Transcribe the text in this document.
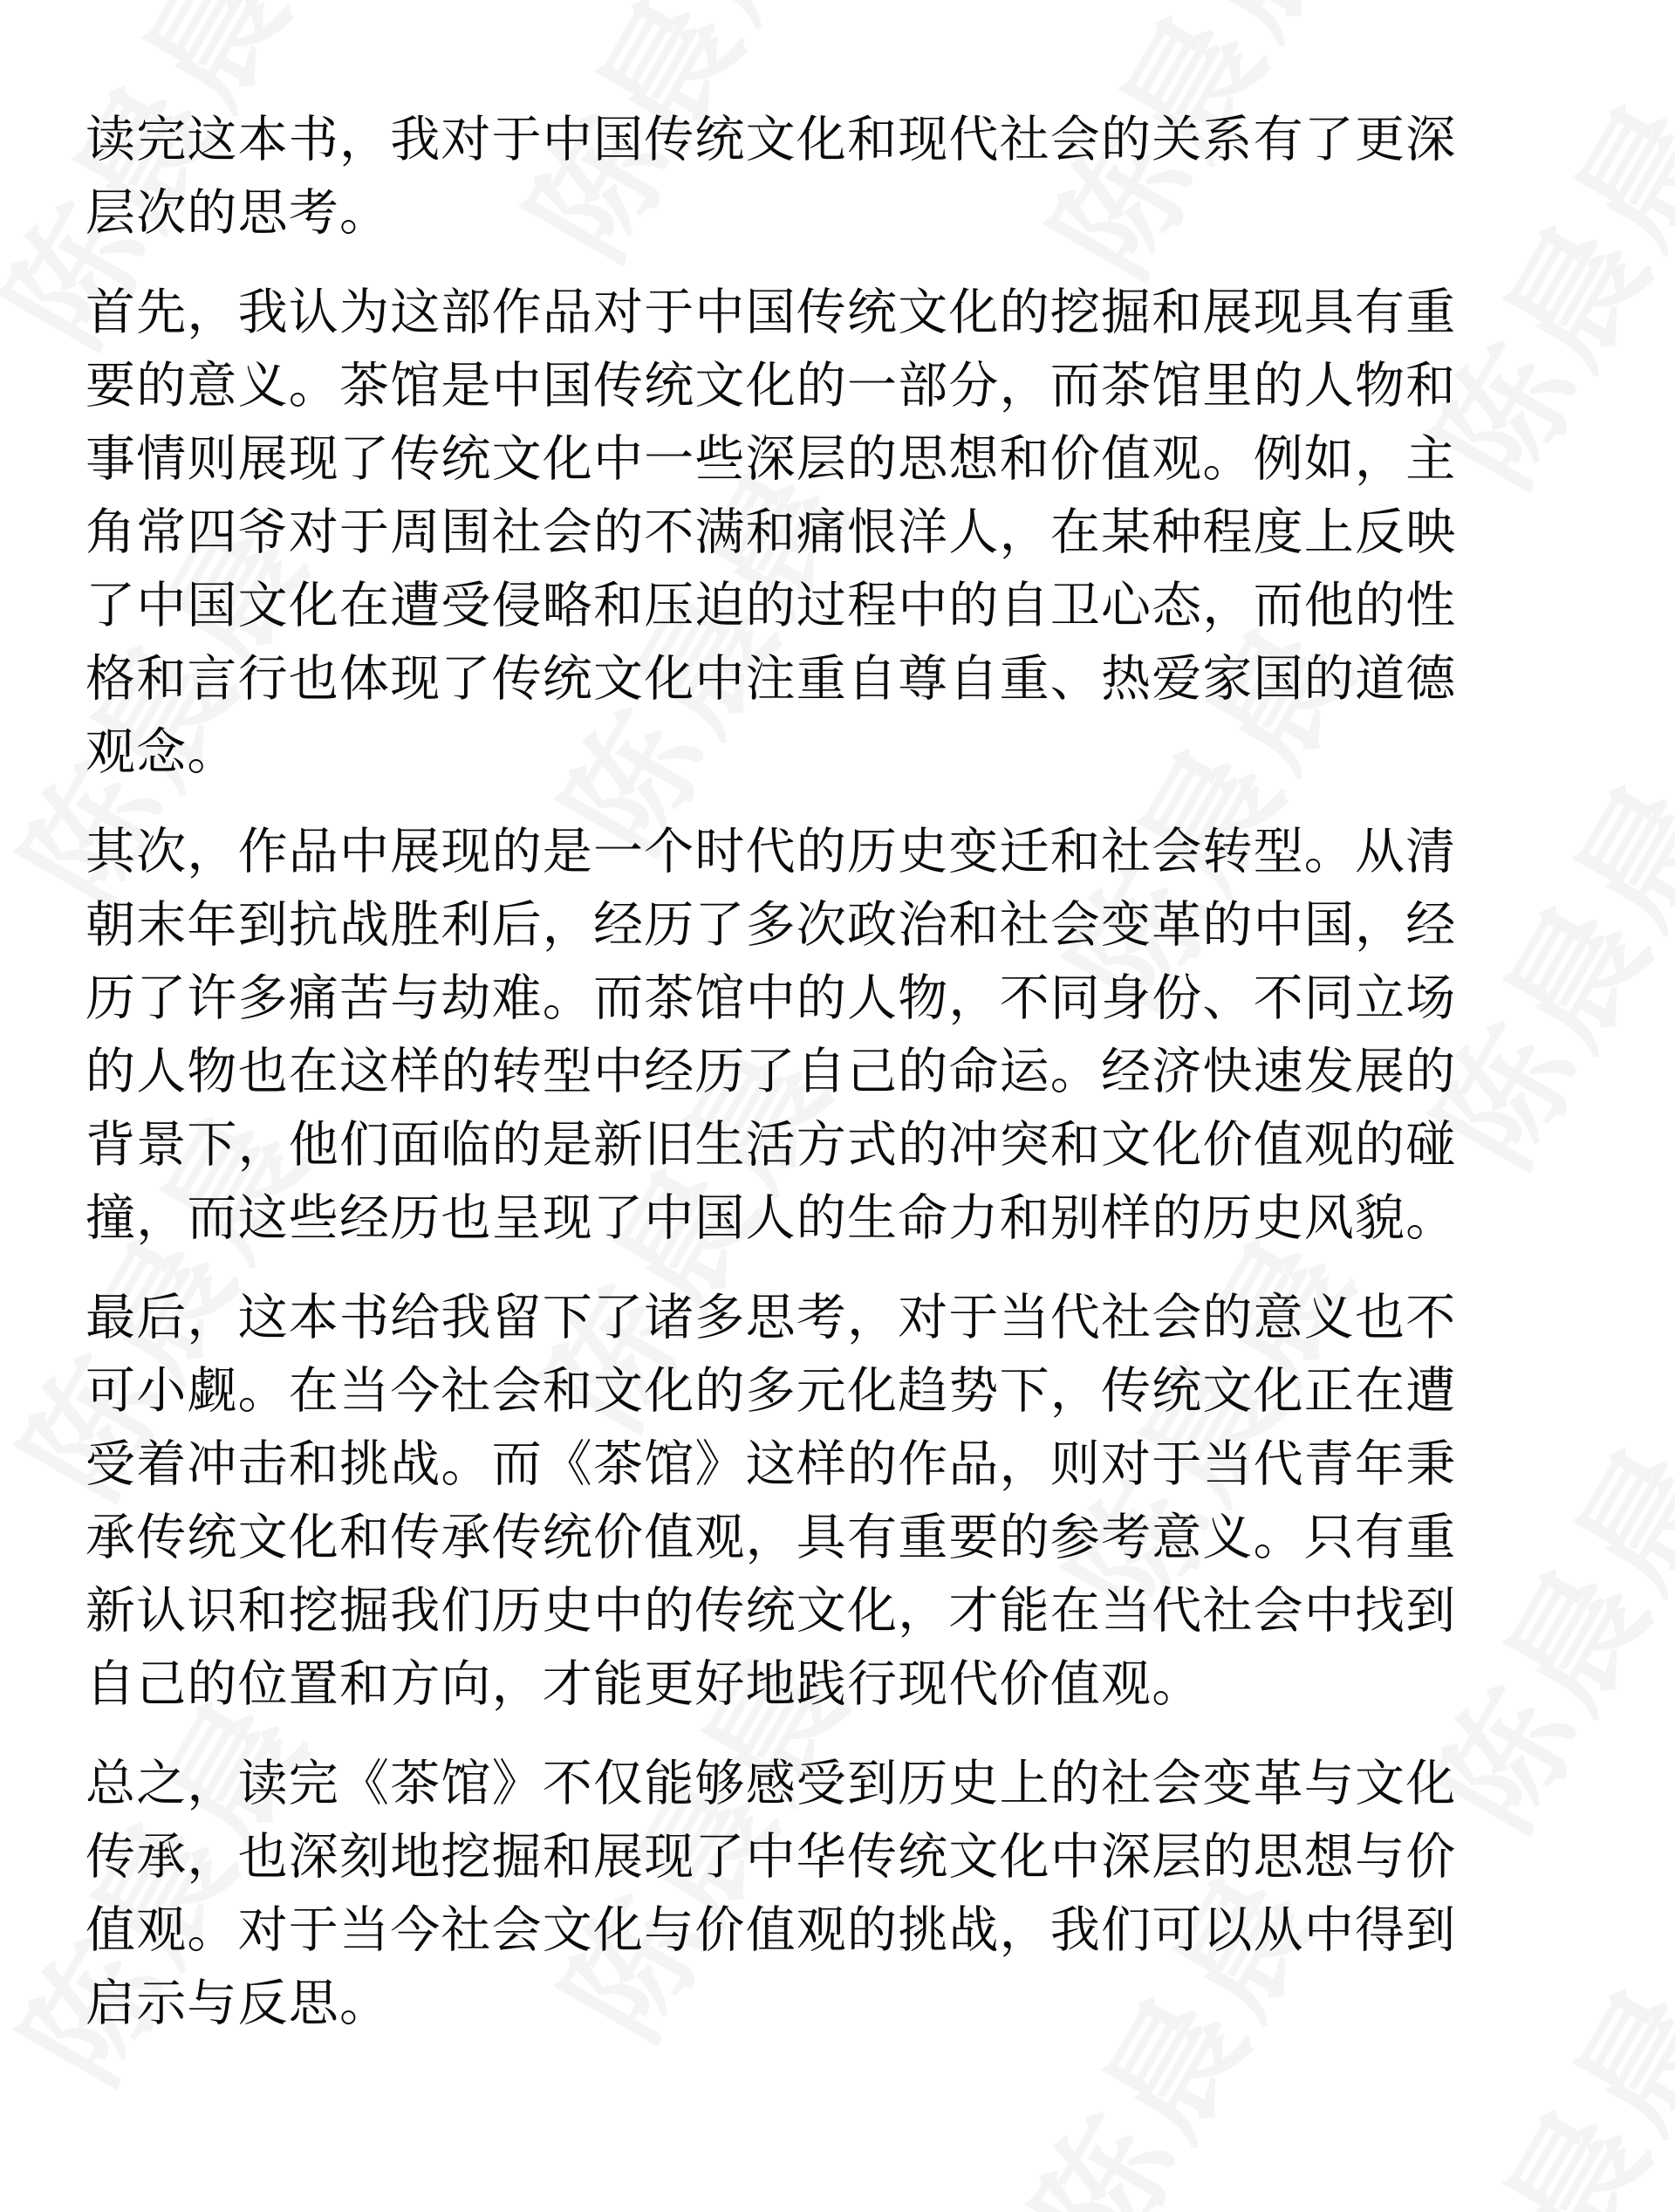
读完这本书，我对于中国传统文化和现代社会的关系有了更深
层次的思考。

首先，我认为这部作品对于中国传统文化的挖掘和展现具有重
要的意义。茶馆是中国传统文化的一部分，而茶馆里的人物和
事情则展现了传统文化中一些深层的思想和价值观。例如，主
角常四爷对于周围社会的不满和痛恨洋人，在某种程度上反映
了中国文化在遭受侵略和压迫的过程中的自卫心态，而他的性
格和言行也体现了传统文化中注重自尊自重、热爱家国的道德
观念。

其次，作品中展现的是一个时代的历史变迁和社会转型。从清
朝末年到抗战胜利后，经历了多次政治和社会变革的中国，经
历了许多痛苦与劫难。而茶馆中的人物，不同身份、不同立场
的人物也在这样的转型中经历了自己的命运。经济快速发展的
背景下，他们面临的是新旧生活方式的冲突和文化价值观的碰
撞，而这些经历也呈现了中国人的生命力和别样的历史风貌。

最后，这本书给我留下了诸多思考，对于当代社会的意义也不
可小觑。在当今社会和文化的多元化趋势下，传统文化正在遭
受着冲击和挑战。而《茶馆》这样的作品，则对于当代青年秉
承传统文化和传承传统价值观，具有重要的参考意义。只有重
新认识和挖掘我们历史中的传统文化，才能在当代社会中找到
自己的位置和方向，才能更好地践行现代价值观。

总之，读完《茶馆》不仅能够感受到历史上的社会变革与文化
传承，也深刻地挖掘和展现了中华传统文化中深层的思想与价
值观。对于当今社会文化与价值观的挑战，我们可以从中得到
启示与反思。
